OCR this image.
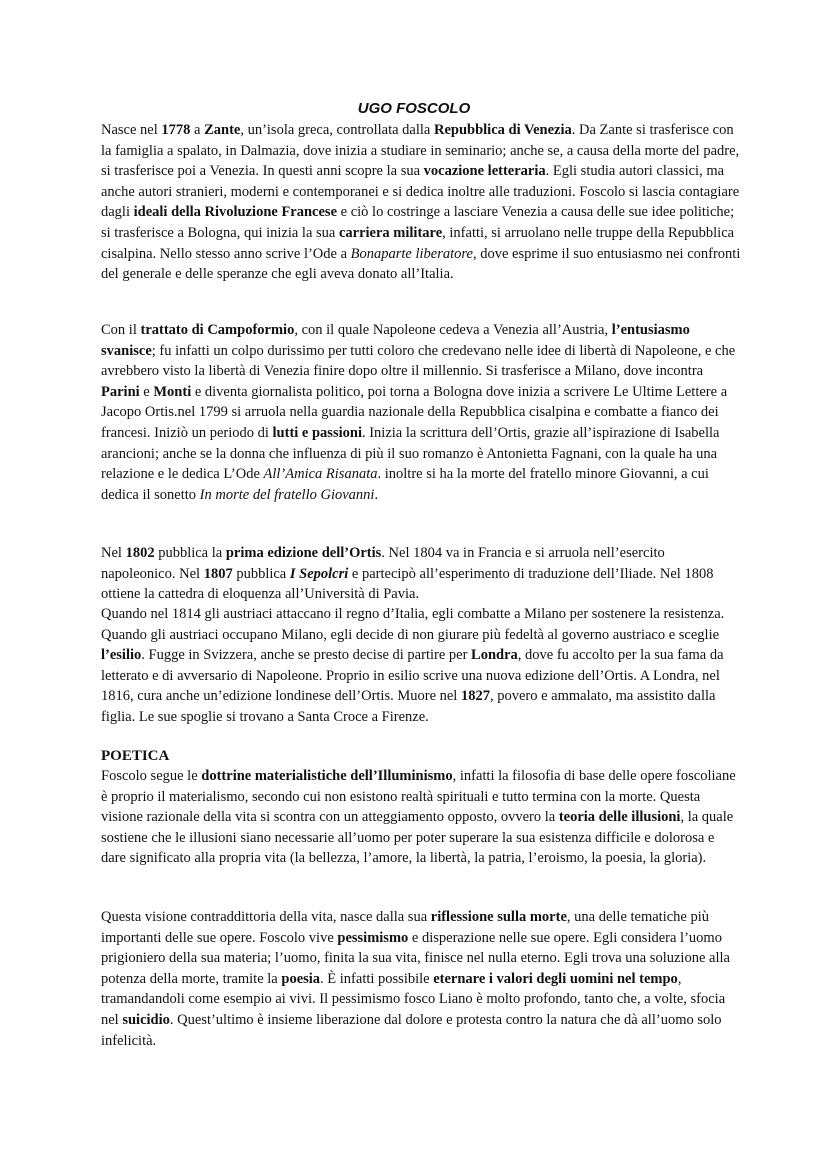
UGO FOSCOLO

Nasce nel 1778 a Zante, un’isola greca, controllata dalla Repubblica di Venezia. Da Zante si trasferisce con la famiglia a spalato, in Dalmazia, dove inizia a studiare in seminario; anche se, a causa della morte del padre, si trasferisce poi a Venezia. In questi anni scopre la sua vocazione letteraria. Egli studia autori classici, ma anche autori stranieri, moderni e contemporanei e si dedica inoltre alle traduzioni. Foscolo si lascia contagiare dagli ideali della Rivoluzione Francese e ciò lo costringe a lasciare Venezia a causa delle sue idee politiche; si trasferisce a Bologna, qui inizia la sua carriera militare, infatti, si arruolano nelle truppe della Repubblica cisalpina. Nello stesso anno scrive l’Ode a Bonaparte liberatore, dove esprime il suo entusiasmo nei confronti del generale e delle speranze che egli aveva donato all’Italia.

Con il trattato di Campoformio, con il quale Napoleone cedeva a Venezia all’Austria, l’entusiasmo svanisce; fu infatti un colpo durissimo per tutti coloro che credevano nelle idee di libertà di Napoleone, e che avrebbero visto la libertà di Venezia finire dopo oltre il millennio. Si trasferisce a Milano, dove incontra Parini e Monti e diventa giornalista politico, poi torna a Bologna dove inizia a scrivere Le Ultime Lettere a Jacopo Ortis.nel 1799 si arruola nella guardia nazionale della Repubblica cisalpina e combatte a fianco dei francesi. Iniziò un periodo di lutti e passioni. Inizia la scrittura dell’Ortis, grazie all’ispirazione di Isabella arancioni; anche se la donna che influenza di più il suo romanzo è Antonietta Fagnani, con la quale ha una relazione e le dedica L’Ode All’Amica Risanata. inoltre si ha la morte del fratello minore Giovanni, a cui dedica il sonetto In morte del fratello Giovanni.

Nel 1802 pubblica la prima edizione dell’Ortis. Nel 1804 va in Francia e si arruola nell’esercito napoleonico. Nel 1807 pubblica I Sepolcri e partecipò all’esperimento di traduzione dell’Iliade. Nel 1808 ottiene la cattedra di eloquenza all’Università di Pavia.

Quando nel 1814 gli austriaci attaccano il regno d’Italia, egli combatte a Milano per sostenere la resistenza. Quando gli austriaci occupano Milano, egli decide di non giurare più fedeltà al governo austriaco e sceglie l’esilio. Fugge in Svizzera, anche se presto decise di partire per Londra, dove fu accolto per la sua fama da letterato e di avversario di Napoleone. Proprio in esilio scrive una nuova edizione dell’Ortis. A Londra, nel 1816, cura anche un’edizione londinese dell’Ortis. Muore nel 1827, povero e ammalato, ma assistito dalla figlia. Le sue spoglie si trovano a Santa Croce a Firenze.

POETICA

Foscolo segue le dottrine materialistiche dell’Illuminismo, infatti la filosofia di base delle opere foscoliane è proprio il materialismo, secondo cui non esistono realtà spirituali e tutto termina con la morte. Questa visione razionale della vita si scontra con un atteggiamento opposto, ovvero la teoria delle illusioni, la quale sostiene che le illusioni siano necessarie all’uomo per poter superare la sua esistenza difficile e dolorosa e dare significato alla propria vita (la bellezza, l’amore, la libertà, la patria, l’eroismo, la poesia, la gloria).

Questa visione contraddittoria della vita, nasce dalla sua riflessione sulla morte, una delle tematiche più importanti delle sue opere. Foscolo vive pessimismo e disperazione nelle sue opere. Egli considera l’uomo prigioniero della sua materia; l’uomo, finita la sua vita, finisce nel nulla eterno. Egli trova una soluzione alla potenza della morte, tramite la poesia. È infatti possibile eternare i valori degli uomini nel tempo, tramandandoli come esempio ai vivi. Il pessimismo fosco Liano è molto profondo, tanto che, a volte, sfocia nel suicidio. Quest’ultimo è insieme liberazione dal dolore e protesta contro la natura che dà all’uomo solo infelicità.
